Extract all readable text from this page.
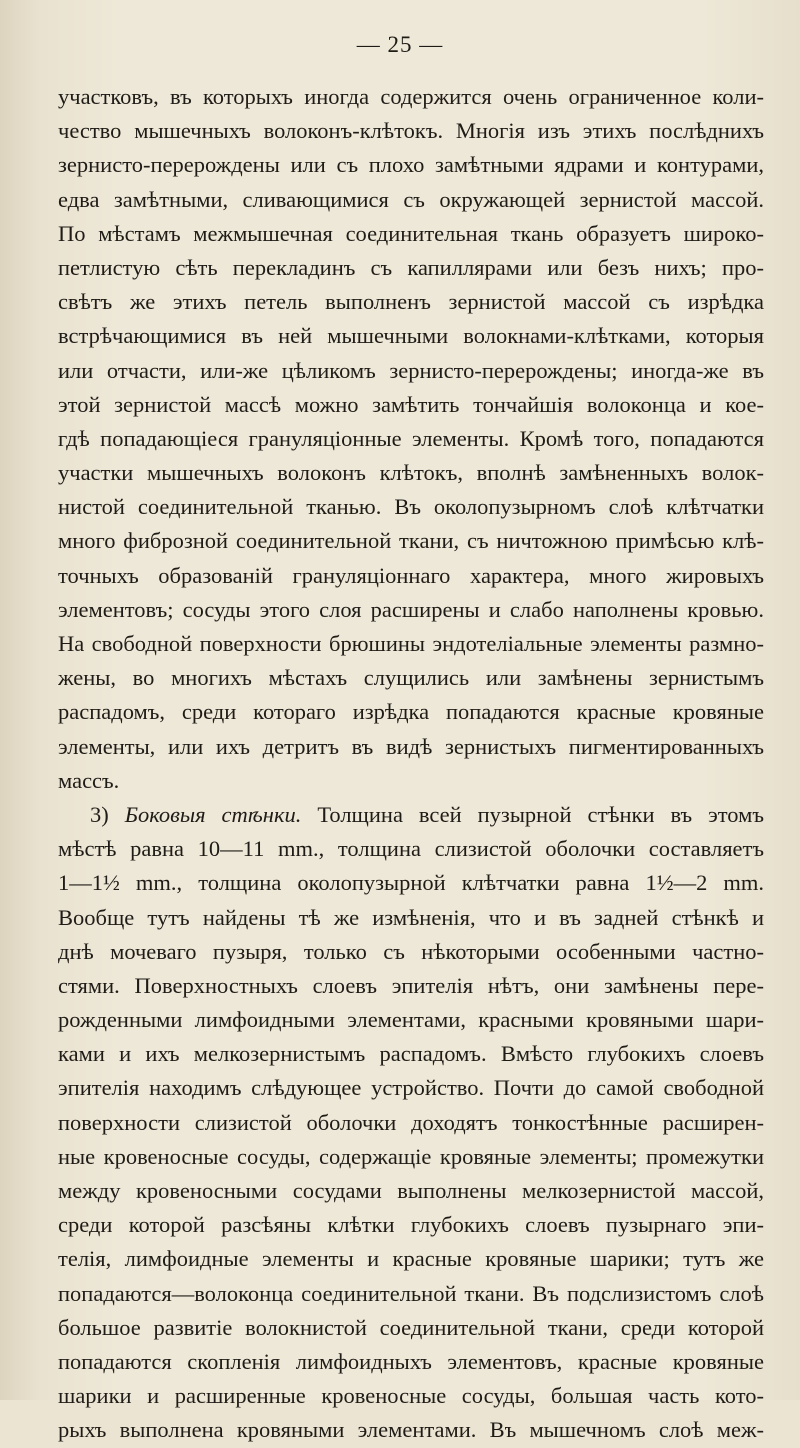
— 25 —
участковъ, въ которыхъ иногда содержится очень ограниченное коли-
чество мышечныхъ волоконъ-клѣтокъ. Многія изъ этихъ послѣднихъ
зернисто-перерождены или съ плохо замѣтными ядрами и контурами,
едва замѣтными, сливающимися съ окружающей зернистой массой.
По мѣстамъ межмышечная соединительная ткань образуетъ широко-
петлистую сѣть перекладинъ съ капиллярами или безъ нихъ; про-
свѣтъ же этихъ петель выполненъ зернистой массой съ изрѣдка
встрѣчающимися въ ней мышечными волокнами-клѣтками, которыя
или отчасти, или-же цѣликомъ зернисто-перерождены; иногда-же въ
этой зернистой массѣ можно замѣтить тончайшія волоконца и кое-
гдѣ попадающіеся грануляціонные элементы. Кромѣ того, попадаются
участки мышечныхъ волоконъ клѣтокъ, вполнѣ замѣненныхъ волок-
нистой соединительной тканью. Въ околопузырномъ слоѣ клѣтчатки
много фиброзной соединительной ткани, съ ничтожною примѣсью клѣ-
точныхъ образованій грануляціоннаго характера, много жировыхъ
элементовъ; сосуды этого слоя расширены и слабо наполнены кровью.
На свободной поверхности брюшины эндотеліальные элементы размно-
жены, во многихъ мѣстахъ слущились или замѣнены зернистымъ
распадомъ, среди котораго изрѣдка попадаются красные кровяные
элементы, или ихъ детритъ въ видѣ зернистыхъ пигментированныхъ
массъ.
3) Боковыя стѣнки. Толщина всей пузырной стѣнки въ этомъ
мѣстѣ равна 10—11 mm., толщина слизистой оболочки составляетъ
1—1½ mm., толщина околопузырной клѣтчатки равна 1½—2 mm.
Вообще тутъ найдены тѣ же измѣненія, что и въ задней стѣнкѣ и
днѣ мочеваго пузыря, только съ нѣкоторыми особенными частно-
стями. Поверхностныхъ слоевъ эпителія нѣтъ, они замѣнены пере-
рожденными лимфоидными элементами, красными кровяными шари-
ками и ихъ мелкозернистымъ распадомъ. Вмѣсто глубокихъ слоевъ
эпителія находимъ слѣдующее устройство. Почти до самой свободной
поверхности слизистой оболочки доходятъ тонкостѣнные расширен-
ные кровеносные сосуды, содержащіе кровяные элементы; промежутки
между кровеносными сосудами выполнены мелкозернистой массой,
среди которой разсѣяны клѣтки глубокихъ слоевъ пузырнаго эпи-
телія, лимфоидные элементы и красные кровяные шарики; тутъ же
попадаются—волоконца соединительной ткани. Въ подслизистомъ слоѣ
большое развитіе волокнистой соединительной ткани, среди которой
попадаются скопленія лимфоидныхъ элементовъ, красные кровяные
шарики и расширенные кровеносные сосуды, большая часть кото-
рыхъ выполнена кровяными элементами. Въ мышечномъ слоѣ меж-
